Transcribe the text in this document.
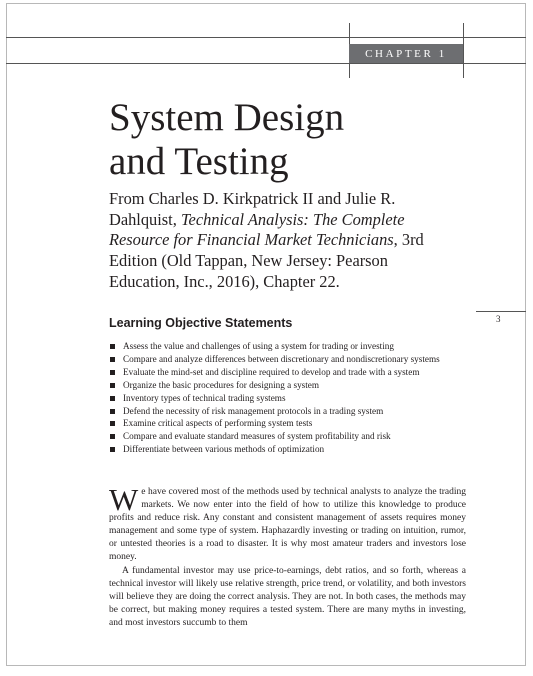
CHAPTER 1
System Design
and Testing

From Charles D. Kirkpatrick II and Julie R. Dahlquist, Technical Analysis: The Complete Resource for Financial Market Technicians, 3rd Edition (Old Tappan, New Jersey: Pearson Education, Inc., 2016), Chapter 22.

3
Learning Objective Statements
Assess the value and challenges of using a system for trading or investing
Compare and analyze differences between discretionary and nondiscretionary systems
Evaluate the mind-set and discipline required to develop and trade with a system
Organize the basic procedures for designing a system
Inventory types of technical trading systems
Defend the necessity of risk management protocols in a trading system
Examine critical aspects of performing system tests
Compare and evaluate standard measures of system profitability and risk
Differentiate between various methods of optimization

We have covered most of the methods used by technical analysts to analyze the trading markets. We now enter into the field of how to utilize this knowledge to produce profits and reduce risk. Any constant and consistent management of assets requires money management and some type of system. Haphazardly investing or trading on intuition, rumor, or untested theories is a road to disaster. It is why most amateur traders and investors lose money.

A fundamental investor may use price-to-earnings, debt ratios, and so forth, whereas a technical investor will likely use relative strength, price trend, or volatility, and both investors will believe they are doing the correct analysis. They are not. In both cases, the methods may be correct, but making money requires a tested system. There are many myths in investing, and most investors succumb to them
